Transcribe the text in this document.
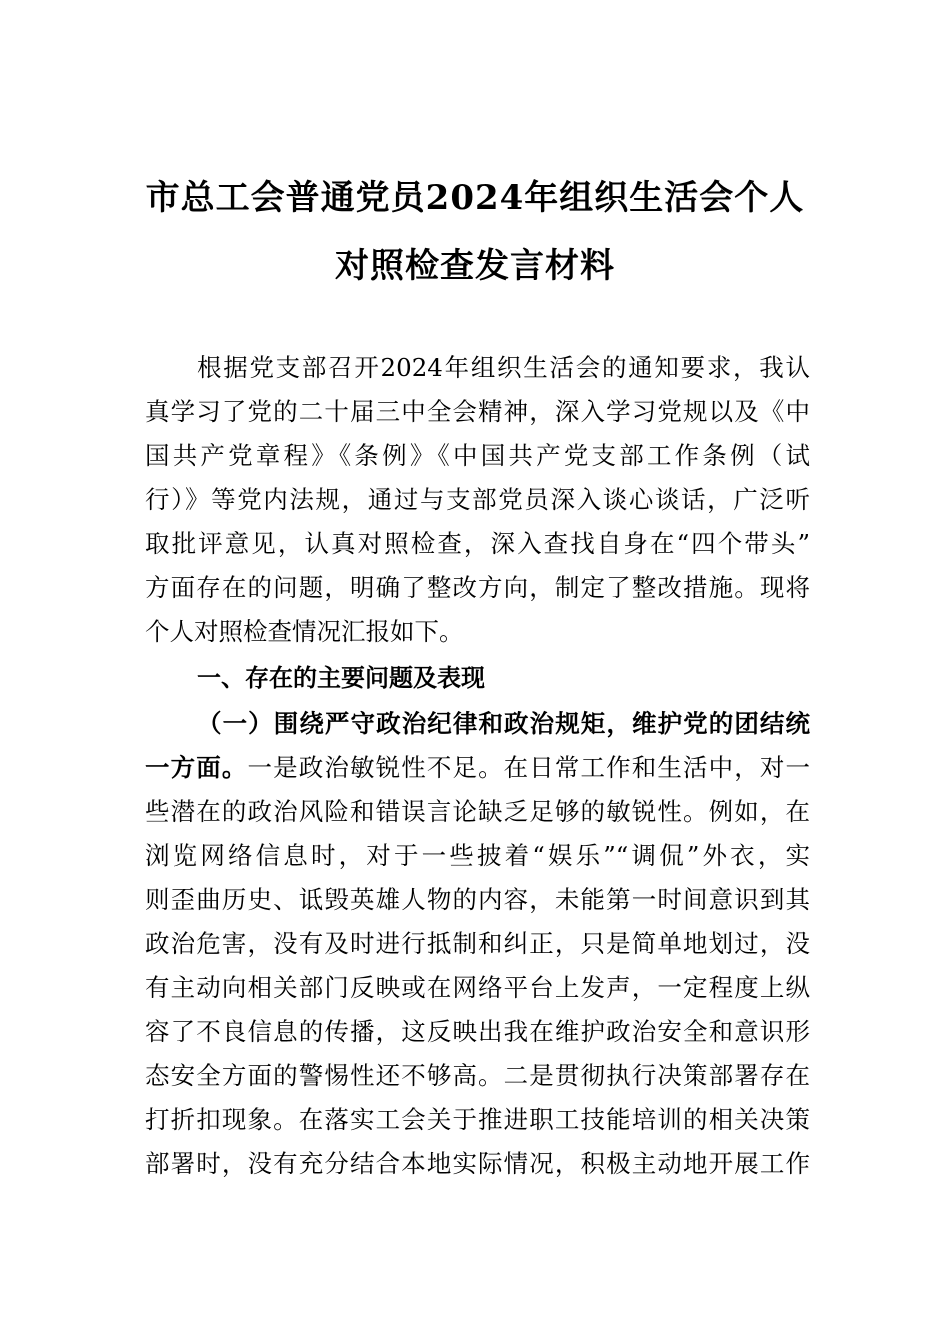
市总工会普通党员2024年组织生活会个人
对照检查发言材料
根据党支部召开2024年组织生活会的通知要求，我认
真学习了党的二十届三中全会精神，深入学习党规以及《中
国共产党章程》《条例》《中国共产党支部工作条例（试
行）》等党内法规，通过与支部党员深入谈心谈话，广泛听
取批评意见，认真对照检查，深入查找自身在“四个带头”
方面存在的问题，明确了整改方向，制定了整改措施。现将
个人对照检查情况汇报如下。
一、存在的主要问题及表现
（一）围绕严守政治纪律和政治规矩，维护党的团结统
一方面。一是政治敏锐性不足。在日常工作和生活中，对一
些潜在的政治风险和错误言论缺乏足够的敏锐性。例如，在
浏览网络信息时，对于一些披着“娱乐”“调侃”外衣，实
则歪曲历史、诋毁英雄人物的内容，未能第一时间意识到其
政治危害，没有及时进行抵制和纠正，只是简单地划过，没
有主动向相关部门反映或在网络平台上发声，一定程度上纵
容了不良信息的传播，这反映出我在维护政治安全和意识形
态安全方面的警惕性还不够高。二是贯彻执行决策部署存在
打折扣现象。在落实工会关于推进职工技能培训的相关决策
部署时，没有充分结合本地实际情况，积极主动地开展工作
